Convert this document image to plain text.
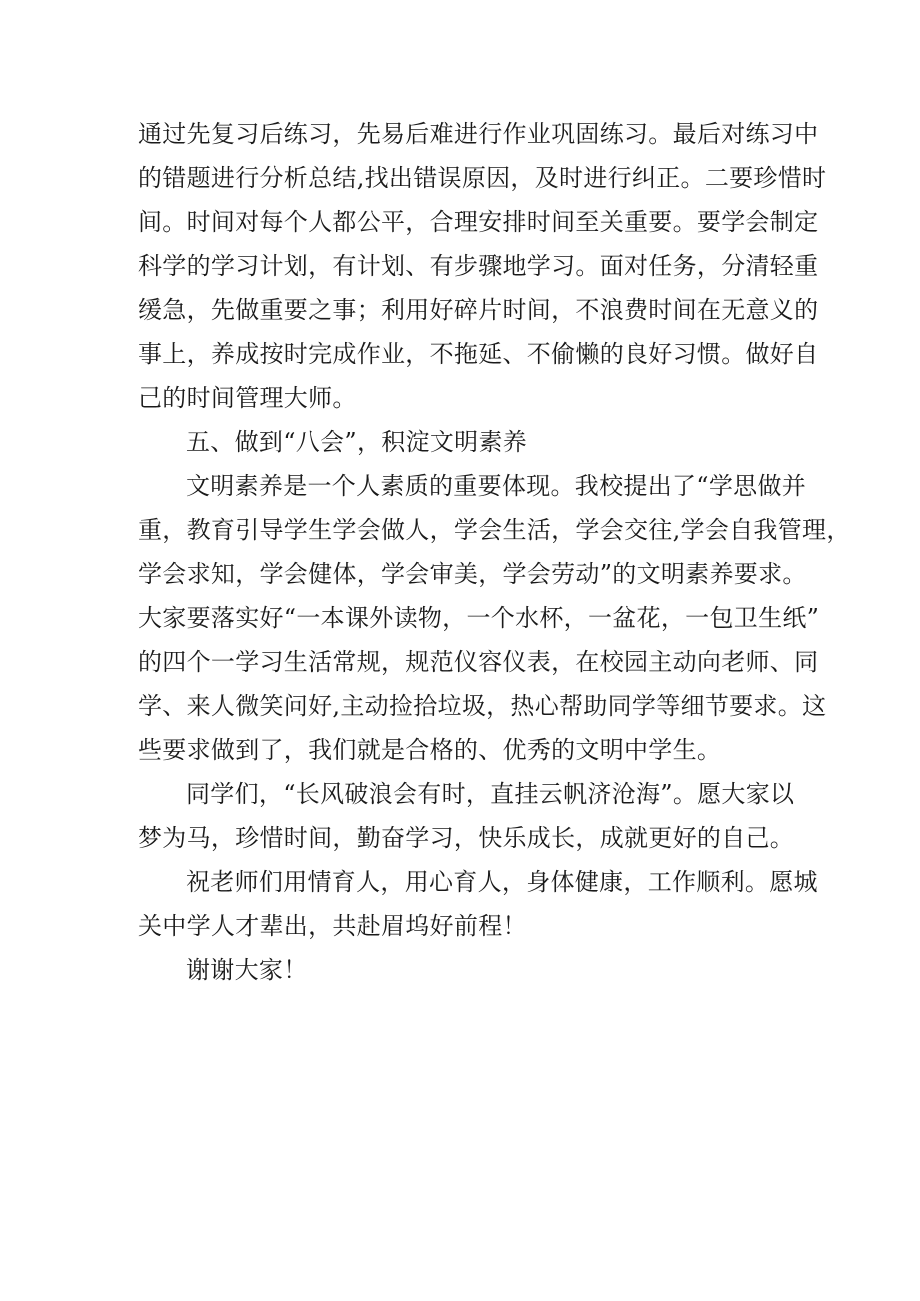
通过先复习后练习，先易后难进行作业巩固练习。最后对练习中
的错题进行分析总结,找出错误原因，及时进行纠正。二要珍惜时
间。时间对每个人都公平，合理安排时间至关重要。要学会制定
科学的学习计划，有计划、有步骤地学习。面对任务，分清轻重
缓急，先做重要之事；利用好碎片时间，不浪费时间在无意义的
事上，养成按时完成作业，不拖延、不偷懒的良好习惯。做好自
己的时间管理大师。
五、做到“八会”，积淀文明素养
文明素养是一个人素质的重要体现。我校提出了“学思做并
重，教育引导学生学会做人，学会生活，学会交往,学会自我管理，
学会求知，学会健体，学会审美，学会劳动”的文明素养要求。
大家要落实好“一本课外读物，一个水杯，一盆花，一包卫生纸”
的四个一学习生活常规，规范仪容仪表，在校园主动向老师、同
学、来人微笑问好,主动捡拾垃圾，热心帮助同学等细节要求。这
些要求做到了，我们就是合格的、优秀的文明中学生。
同学们，“长风破浪会有时，直挂云帆济沧海”。愿大家以
梦为马，珍惜时间，勤奋学习，快乐成长，成就更好的自己。
祝老师们用情育人，用心育人，身体健康，工作顺利。愿城
关中学人才辈出，共赴眉坞好前程！
谢谢大家！
